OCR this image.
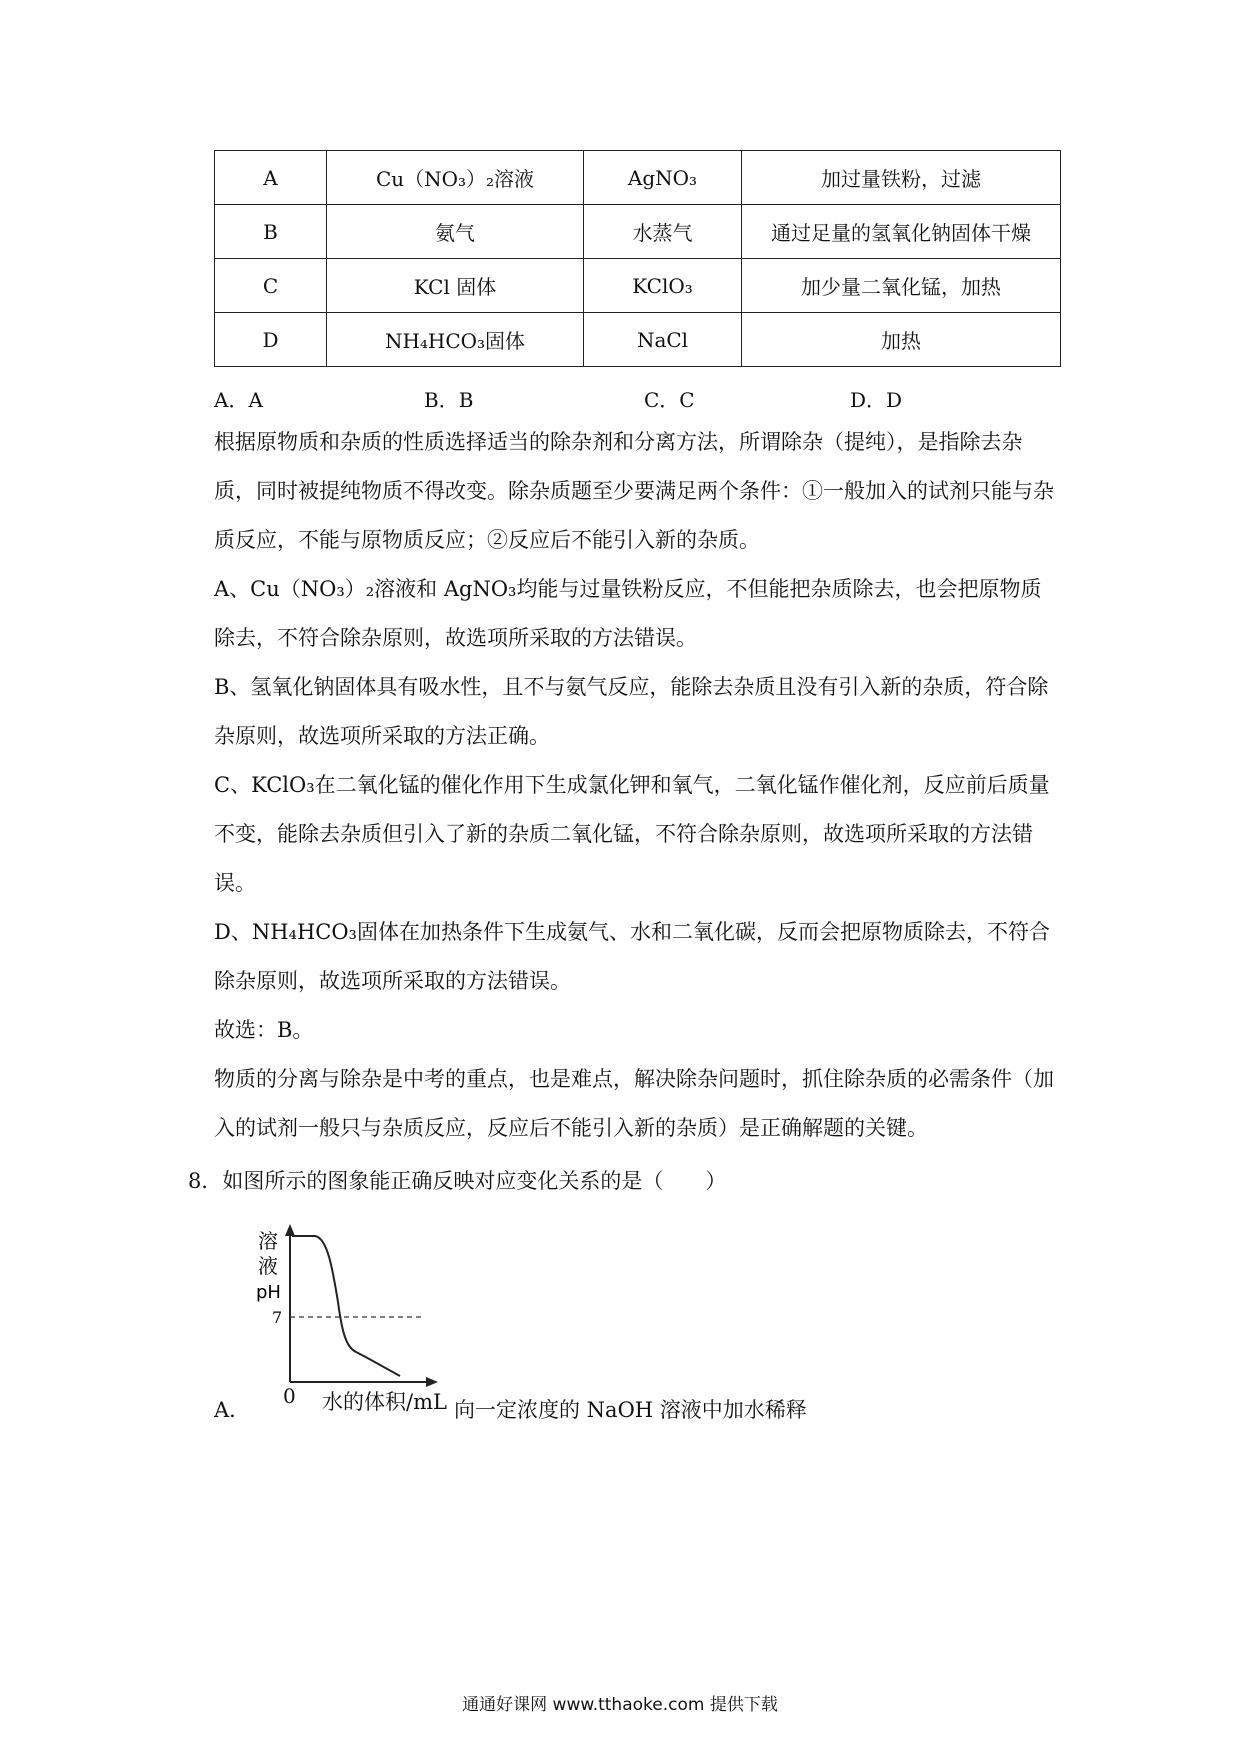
A	Cu（NO₃）₂溶液	AgNO₃	加过量铁粉，过滤
B	氨气	水蒸气	通过足量的氢氧化钠固体干燥
C	KCl 固体	KClO₃	加少量二氧化锰，加热
D	NH₄HCO₃固体	NaCl	加热
A．A	B．B	C．C	D．D
根据原物质和杂质的性质选择适当的除杂剂和分离方法，所谓除杂（提纯），是指除去杂质，同时被提纯物质不得改变。除杂质题至少要满足两个条件：①一般加入的试剂只能与杂质反应，不能与原物质反应；②反应后不能引入新的杂质。
A、Cu（NO₃）₂溶液和 AgNO₃均能与过量铁粉反应，不但能把杂质除去，也会把原物质除去，不符合除杂原则，故选项所采取的方法错误。
B、氢氧化钠固体具有吸水性，且不与氨气反应，能除去杂质且没有引入新的杂质，符合除杂原则，故选项所采取的方法正确。
C、KClO₃在二氧化锰的催化作用下生成氯化钾和氧气，二氧化锰作催化剂，反应前后质量不变，能除去杂质但引入了新的杂质二氧化锰，不符合除杂原则，故选项所采取的方法错误。
D、NH₄HCO₃固体在加热条件下生成氨气、水和二氧化碳，反而会把原物质除去，不符合除杂原则，故选项所采取的方法错误。
故选：B。
物质的分离与除杂是中考的重点，也是难点，解决除杂问题时，抓住除杂质的必需条件（加入的试剂一般只与杂质反应，反应后不能引入新的杂质）是正确解题的关键。
8．如图所示的图象能正确反映对应变化关系的是（　　）
溶
液
pH
7
A．
0 水的体积/mL 向一定浓度的 NaOH 溶液中加水稀释
通通好课网 www.tthaoke.com 提供下载
